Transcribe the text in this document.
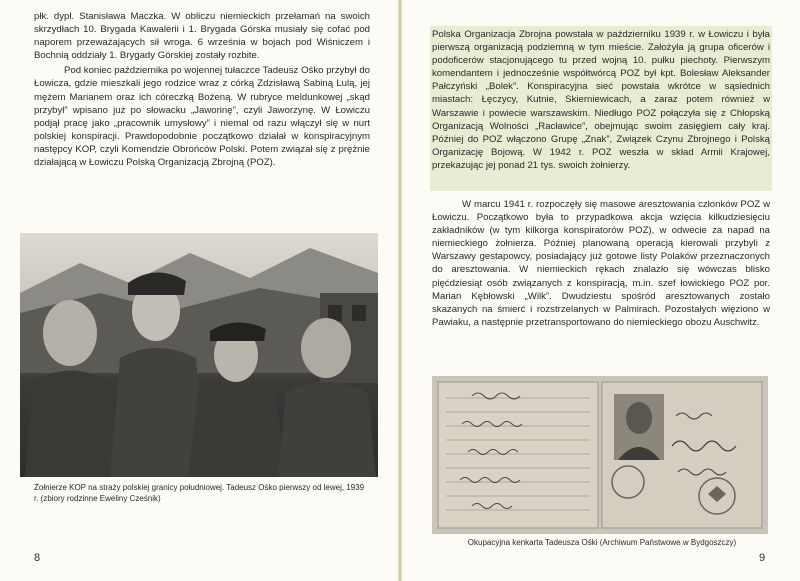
płk. dypl. Stanisława Maczka. W obliczu niemieckich przełamań na swoich skrzydłach 10. Brygada Kawalerii i 1. Brygada Górska musiały się cofać pod naporem przeważających sił wroga. 6 września w bojach pod Wiśniczem i Bochnią oddziały 1. Brygady Górskiej zostały rozbite.

Pod koniec października po wojennej tułaczce Tadeusz Ośko przybył do Łowicza, gdzie mieszkali jego rodzice wraz z córką Zdzisławą Sabiną Lulą, jej mężem Marianem oraz ich córeczką Bożeną. W rubryce meldunkowej „skąd przybył” wpisano już po słowacku „Jaworinę”, czyli Jaworzynę. W Łowiczu podjął pracę jako „pracownik umysłowy” i niemal od razu włączył się w nurt polskiej konspiracji. Prawdopodobnie początkowo działał w konspiracyjnym następcy KOP, czyli Komendzie Obrońców Polski. Potem związał się z prężnie działającą w Łowiczu Polską Organizacją Zbrojną (POZ).

Żołnierze KOP na straży polskiej granicy południowej. Tadeusz Ośko pierwszy od lewej, 1939 r. (zbiory rodzinne Eweliny Cześnik)
8

Polska Organizacja Zbrojna powstała w październiku 1939 r. w Łowiczu i była pierwszą organizacją podziemną w tym mieście. Założyła ją grupa oficerów i podoficerów stacjonującego tu przed wojną 10. pułku piechoty. Pierwszym komendantem i jednocześnie współtwórcą POZ był kpt. Bolesław Aleksander Pałczyński „Bolek”. Konspiracyjna sieć powstała wkrótce w sąsiednich miastach: Łęczycy, Kutnie, Skierniewicach, a zaraz potem również w Warszawie i powiecie warszawskim. Niedługo POZ połączyła się z Chłopską Organizacją Wolności „Racławice”, obejmując swoim zasięgiem cały kraj. Później do POZ włączono Grupę „Znak”, Związek Czynu Zbrojnego i Polską Organizację Bojową. W 1942 r. POZ weszła w skład Armii Krajowej, przekazując jej ponad 21 tys. swoich żołnierzy.

W marcu 1941 r. rozpoczęły się masowe aresztowania członków POZ w Łowiczu. Początkowo była to przypadkowa akcja wzięcia kilkudziesięciu zakładników (w tym kilkorga konspiratorów POZ), w odwecie za napad na niemieckiego żołnierza. Później planowaną operacją kierowali przybyli z Warszawy gestapowcy, posiadający już gotowe listy Polaków przeznaczonych do aresztowania. W niemieckich rękach znalazło się wówczas blisko pięćdziesiąt osób związanych z konspiracją, m.in. szef łowickiego POZ por. Marian Kębłowski „Wilk”. Dwudziestu spośród aresztowanych zostało skazanych na śmierć i rozstrzelanych w Palmirach. Pozostałych więziono w Pawiaku, a następnie przetransportowano do niemieckiego obozu Auschwitz.

Okupacyjna kenkarta Tadeusza Ośki (Archiwum Państwowe w Bydgoszczy)
9
